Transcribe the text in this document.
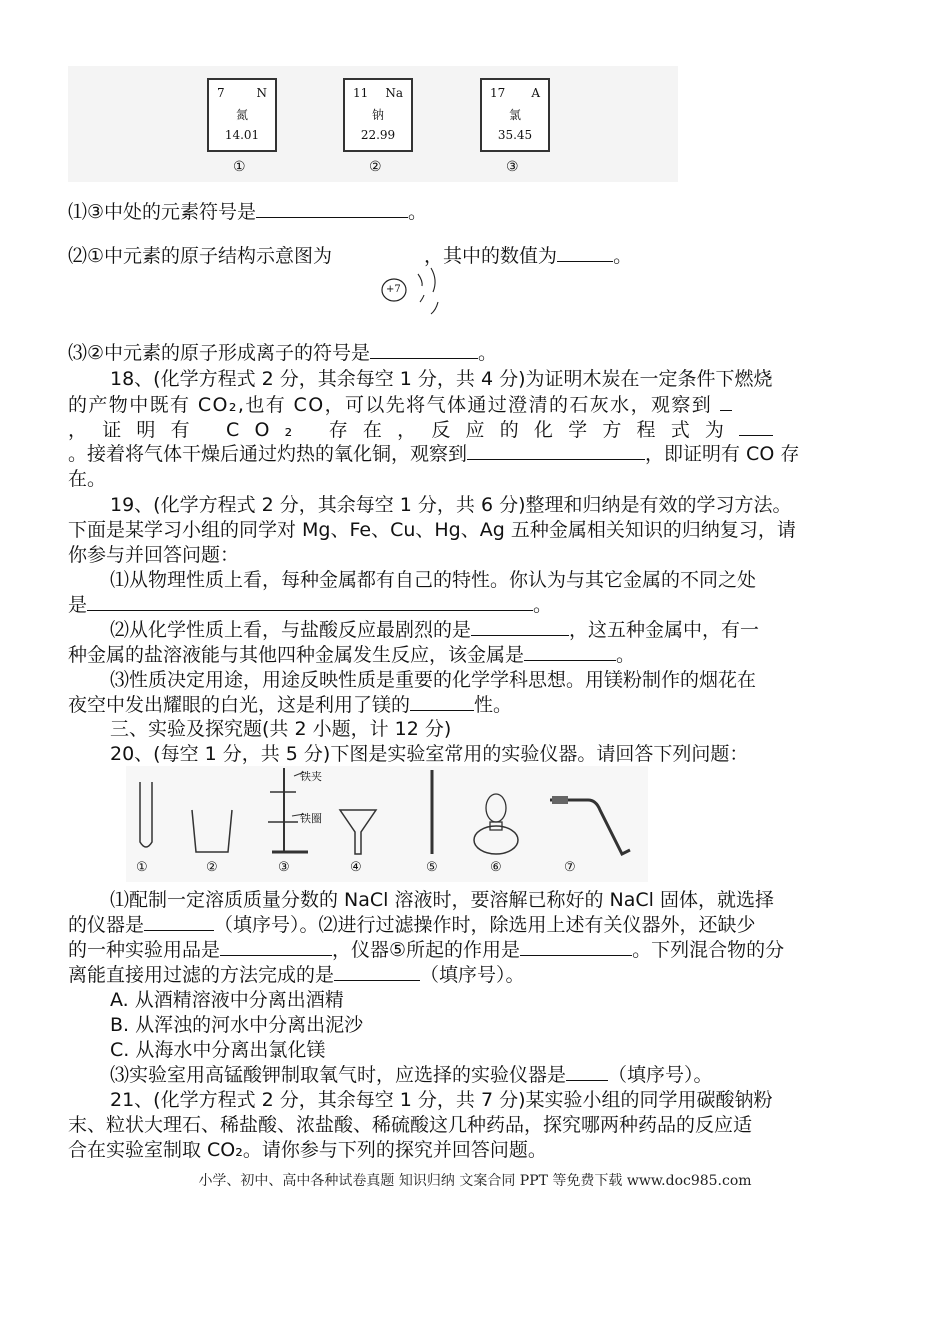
7	N
氮
14.01
①
11 Na
钠
22.99
②
17 A
氯
35.45
③
⑴③中处的元素符号是	。
⑵①中元素的原子结构示意图为	，其中的数值为	。
+7
⑶②中元素的原子形成离子的符号是	。
18、(化学方程式 2 分，其余每空 1 分，共 4 分)为证明木炭在一定条件下燃烧
的产物中既有 CO₂,也有 CO，可以先将气体通过澄清的石灰水，观察到
，证明有 CO₂ 存在，反应的化学方程式为
。接着将气体干燥后通过灼热的氧化铜，观察到	，即证明有 CO 存
在。
19、(化学方程式 2 分，其余每空 1 分，共 6 分)整理和归纳是有效的学习方法。
下面是某学习小组的同学对 Mg、Fe、Cu、Hg、Ag 五种金属相关知识的归纳复习，请
你参与并回答问题：
⑴从物理性质上看，每种金属都有自己的特性。你认为与其它金属的不同之处
是	。
⑵从化学性质上看，与盐酸反应最剧烈的是	，这五种金属中，有一
种金属的盐溶液能与其他四种金属发生反应，该金属是	。
⑶性质决定用途，用途反映性质是重要的化学学科思想。用镁粉制作的烟花在
夜空中发出耀眼的白光，这是利用了镁的	性。
三、实验及探究题(共 2 小题，计 12 分)
20、(每空 1 分，共 5 分)下图是实验室常用的实验仪器。请回答下列问题：
铁夹
铁圈
①	②	③	④	⑤	⑥	⑦
⑴配制一定溶质质量分数的 NaCl 溶液时，要溶解已称好的 NaCl 固体，就选择
的仪器是	（填序号）。⑵进行过滤操作时，除选用上述有关仪器外，还缺少
的一种实验用品是	，仪器⑤所起的作用是	。下列混合物的分
离能直接用过滤的方法完成的是	（填序号）。
A. 从酒精溶液中分离出酒精
B. 从浑浊的河水中分离出泥沙
C. 从海水中分离出氯化镁
⑶实验室用高锰酸钾制取氧气时，应选择的实验仪器是 （填序号）。
21、(化学方程式 2 分，其余每空 1 分，共 7 分)某实验小组的同学用碳酸钠粉
末、粒状大理石、稀盐酸、浓盐酸、稀硫酸这几种药品，探究哪两种药品的反应适
合在实验室制取 CO₂。请你参与下列的探究并回答问题。
小学、初中、高中各种试卷真题 知识归纳 文案合同 PPT 等免费下载 www.doc985.com
